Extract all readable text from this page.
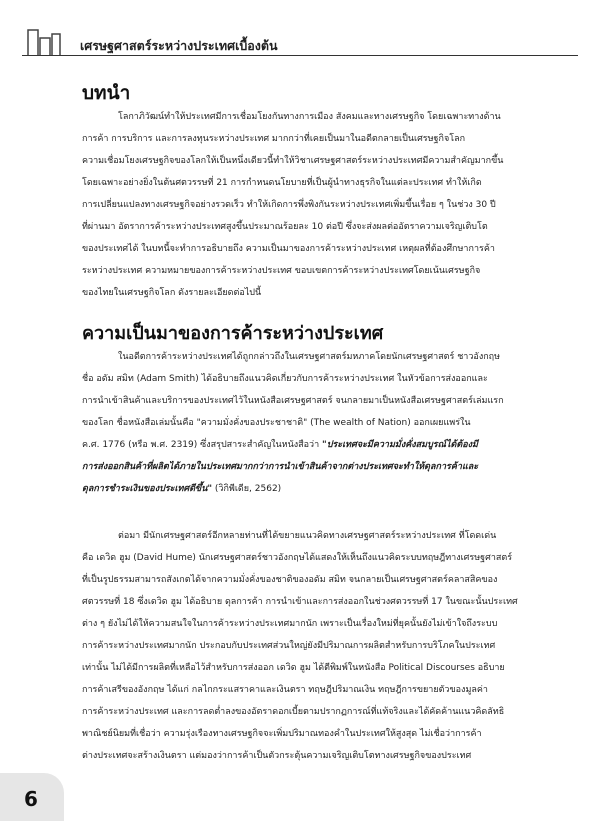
เศรษฐศาสตร์ระหว่างประเทศเบื้องต้น
บทนำ
โลกาภิวัฒน์ทำให้ประเทศมีการเชื่อมโยงกันทางการเมือง สังคมและทางเศรษฐกิจ โดยเฉพาะทางด้าน
การค้า การบริการ และการลงทุนระหว่างประเทศ มากกว่าที่เคยเป็นมาในอดีตกลายเป็นเศรษฐกิจโลก
ความเชื่อมโยงเศรษฐกิจของโลกให้เป็นหนึ่งเดียวนี้ทำให้วิชาเศรษฐศาสตร์ระหว่างประเทศมีความสำคัญมากขึ้น
โดยเฉพาะอย่างยิ่งในต้นศตวรรษที่ 21 การกำหนดนโยบายที่เป็นผู้นำทางธุรกิจในแต่ละประเทศ ทำให้เกิด
การเปลี่ยนแปลงทางเศรษฐกิจอย่างรวดเร็ว ทำให้เกิดการพึ่งพิงกันระหว่างประเทศเพิ่มขึ้นเรื่อย ๆ ในช่วง 30 ปี
ที่ผ่านมา อัตราการค้าระหว่างประเทศสูงขึ้นประมาณร้อยละ 10 ต่อปี ซึ่งจะส่งผลต่ออัตราความเจริญเติบโต
ของประเทศได้ ในบทนี้จะทำการอธิบายถึง ความเป็นมาของการค้าระหว่างประเทศ เหตุผลที่ต้องศึกษาการค้า
ระหว่างประเทศ ความหมายของการค้าระหว่างประเทศ ขอบเขตการค้าระหว่างประเทศโดยเน้นเศรษฐกิจ
ของไทยในเศรษฐกิจโลก ดังรายละเอียดต่อไปนี้
ความเป็นมาของการค้าระหว่างประเทศ
ในอดีตการค้าระหว่างประเทศได้ถูกกล่าวถึงในเศรษฐศาสตร์มหภาคโดยนักเศรษฐศาสตร์ ชาวอังกฤษ
ชื่อ อดัม สมิท (Adam Smith) ได้อธิบายถึงแนวคิดเกี่ยวกับการค้าระหว่างประเทศ ในหัวข้อการส่งออกและ
การนำเข้าสินค้าและบริการของประเทศไว้ในหนังสือเศรษฐศาสตร์ จนกลายมาเป็นหนังสือเศรษฐศาสตร์เล่มแรก
ของโลก ชื่อหนังสือเล่มนั้นคือ "ความมั่งคั่งของประชาชาติ" (The wealth of Nation) ออกเผยแพร่ใน
ค.ศ. 1776 (หรือ พ.ศ. 2319) ซึ่งสรุปสาระสำคัญในหนังสือว่า "ประเทศจะมีความมั่งคั่งสมบูรณ์ได้ต้องมี
การส่งออกสินค้าที่ผลิตได้ภายในประเทศมากกว่าการนำเข้าสินค้าจากต่างประเทศจะทำให้ดุลการค้าและ
ดุลการชำระเงินของประเทศดีขึ้น" (วิกิพีเดีย, 2562)
ต่อมา มีนักเศรษฐศาสตร์อีกหลายท่านที่ได้ขยายแนวคิดทางเศรษฐศาสตร์ระหว่างประเทศ ที่โดดเด่น
คือ เดวิด ฮูม (David Hume) นักเศรษฐศาสตร์ชาวอังกฤษได้แสดงให้เห็นถึงแนวคิดระบบทฤษฎีทางเศรษฐศาสตร์
ที่เป็นรูปธรรมสามารถสังเกตได้จากความมั่งคั่งของชาติของอดัม สมิท จนกลายเป็นเศรษฐศาสตร์คลาสสิคของ
ศตวรรษที่ 18 ซึ่งเดวิด ฮูม ได้อธิบาย ดุลการค้า การนำเข้าและการส่งออกในช่วงศตวรรษที่ 17 ในขณะนั้นประเทศ
ต่าง ๆ ยังไม่ได้ให้ความสนใจในการค้าระหว่างประเทศมากนัก เพราะเป็นเรื่องใหม่ที่ยุคนั้นยังไม่เข้าใจถึงระบบ
การค้าระหว่างประเทศมากนัก ประกอบกับประเทศส่วนใหญ่ยังมีปริมาณการผลิตสำหรับการบริโภคในประเทศ
เท่านั้น ไม่ได้มีการผลิตที่เหลือไว้สำหรับการส่งออก เดวิด ฮูม ได้ตีพิมพ์ในหนังสือ Political Discourses อธิบาย
การค้าเสรีของอังกฤษ ได้แก่ กลไกกระแสราคาและเงินตรา ทฤษฎีปริมาณเงิน ทฤษฎีการขยายตัวของมูลค่า
การค้าระหว่างประเทศ และการลดต่ำลงของอัตราดอกเบี้ยตามปรากฏการณ์ที่แท้จริงและได้คัดค้านแนวคิดลัทธิ
พาณิชย์นิยมที่เชื่อว่า ความรุ่งเรืองทางเศรษฐกิจจะเพิ่มปริมาณทองคำในประเทศให้สูงสุด ไม่เชื่อว่าการค้า
ต่างประเทศจะสร้างเงินตรา แต่มองว่าการค้าเป็นตัวกระตุ้นความเจริญเติบโตทางเศรษฐกิจของประเทศ
6
